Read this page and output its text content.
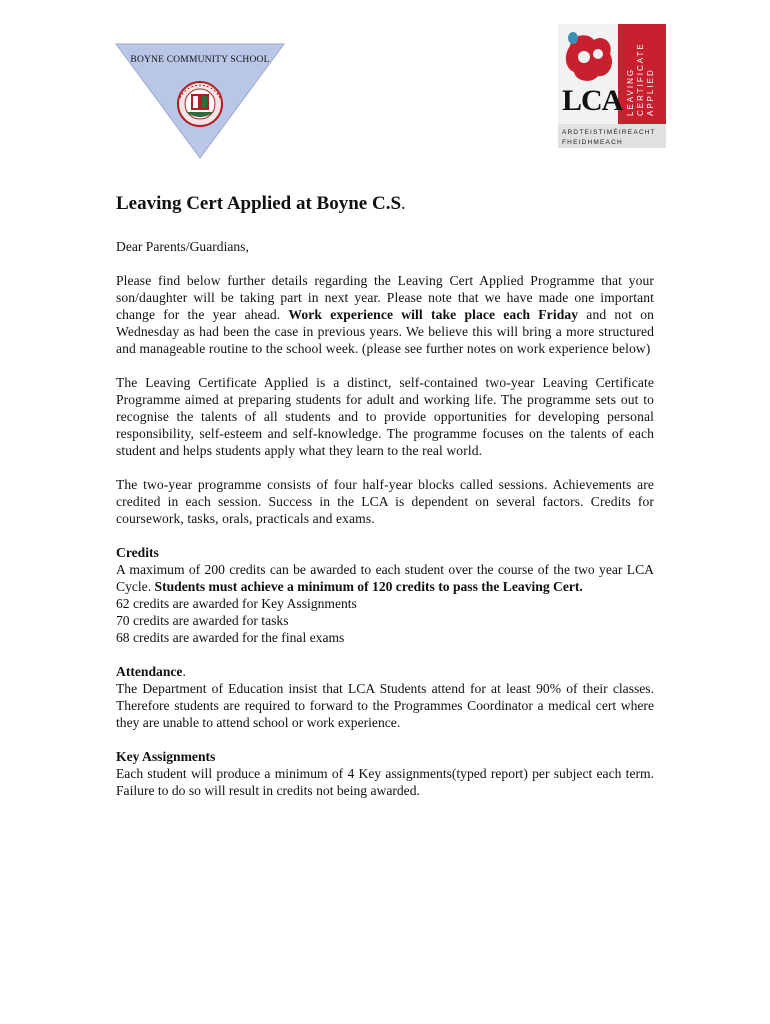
BOYNE COMMUNITY SCHOOL
LCA LEAVING CERTIFICATE APPLIED
ARDTEISTIMÉIREACHT
FHEIDHMEACH
Leaving Cert Applied at Boyne C.S.

Dear Parents/Guardians,

Please find below further details regarding the Leaving Cert Applied Programme that your son/daughter will be taking part in next year. Please note that we have made one important change for the year ahead. Work experience will take place each Friday and not on Wednesday as had been the case in previous years. We believe this will bring a more structured and manageable routine to the school week. (please see further notes on work experience below)

The Leaving Certificate Applied is a distinct, self-contained two-year Leaving Certificate Programme aimed at preparing students for adult and working life. The programme sets out to recognise the talents of all students and to provide opportunities for developing personal responsibility, self-esteem and self-knowledge. The programme focuses on the talents of each student and helps students apply what they learn to the real world.

The two-year programme consists of four half-year blocks called sessions. Achievements are credited in each session. Success in the LCA is dependent on several factors. Credits for coursework, tasks, orals, practicals and exams.

Credits
A maximum of 200 credits can be awarded to each student over the course of the two year LCA Cycle. Students must achieve a minimum of 120 credits to pass the Leaving Cert.
62 credits are awarded for Key Assignments
70 credits are awarded for tasks
68 credits are awarded for the final exams

Attendance.
The Department of Education insist that LCA Students attend for at least 90% of their classes. Therefore students are required to forward to the Programmes Coordinator a medical cert where they are unable to attend school or work experience.

Key Assignments
Each student will produce a minimum of 4 Key assignments(typed report) per subject each term. Failure to do so will result in credits not being awarded.
